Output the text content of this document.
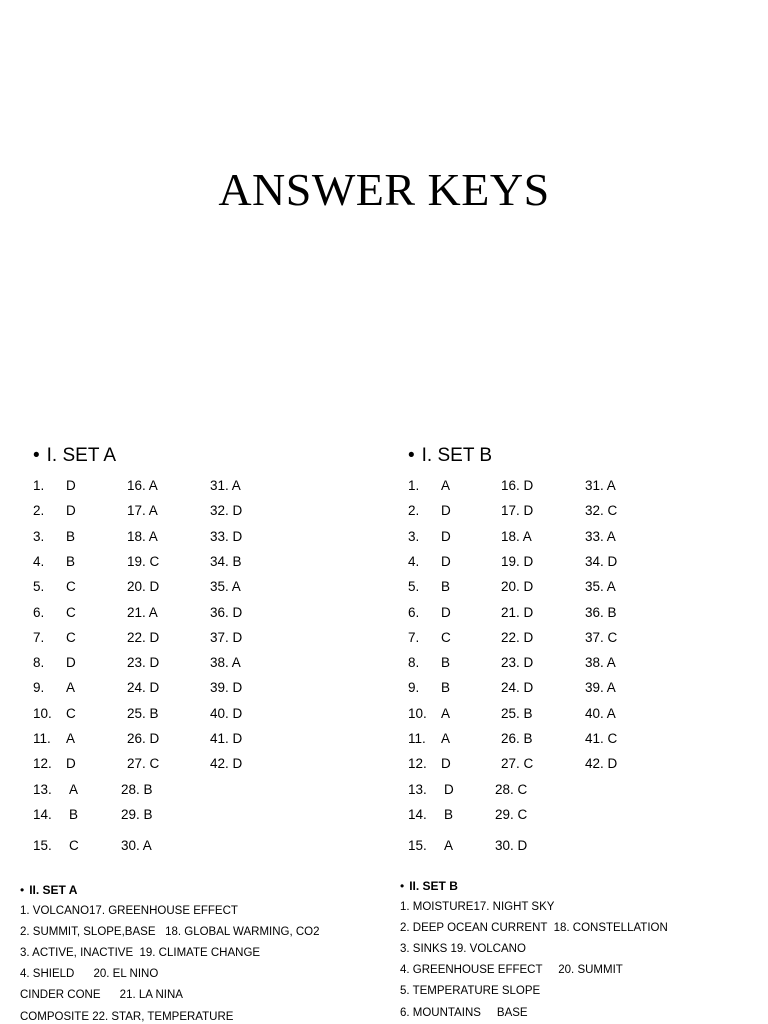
ANSWER KEYS
• I. SET A	• I. SET B
1. D
2. D
3. B
4. B
5. C
6. C
7. C
8. D
9. A
10. C
11. A
12. D
13. A
14. B
15. C
16. A
17. A
18. A
19. C
20. D
21. A
22. D
23. D
24. D
25. B
26. D
27. C
28. B
29. B
30. A
31. A
32. D
33. D
34. B
35. A
36. D
37. D
38. A
39. D
40. D
41. D
42. D
1. A
2. D
3. D
4. D
5. B
6. D
7. C
8. B
9. B
10. A
11. A
12. D
13. D
14. B
15. A
16. D
17. D
18. A
19. D
20. D
21. D
22. D
23. D
24. D
25. B
26. B
27. C
28. C
29. C
30. D
31. A
32. C
33. A
34. D
35. A
36. B
37. C
38. A
39. A
40. A
41. C
42. D
• II. SET A	• II. SET B
1. VOLCANO17. GREENHOUSE EFFECT
2. SUMMIT, SLOPE,BASE   18. GLOBAL WARMING, CO2
3. ACTIVE, INACTIVE  19. CLIMATE CHANGE
4. SHIELD      20. EL NINO
CINDER CONE      21. LA NINA
COMPOSITE 22. STAR, TEMPERATURE
1. MOISTURE17. NIGHT SKY
2. DEEP OCEAN CURRENT  18. CONSTELLATION
3. SINKS 19. VOLCANO
4. GREENHOUSE EFFECT     20. SUMMIT
5. TEMPERATURE SLOPE
6. MOUNTAINS     BASE
